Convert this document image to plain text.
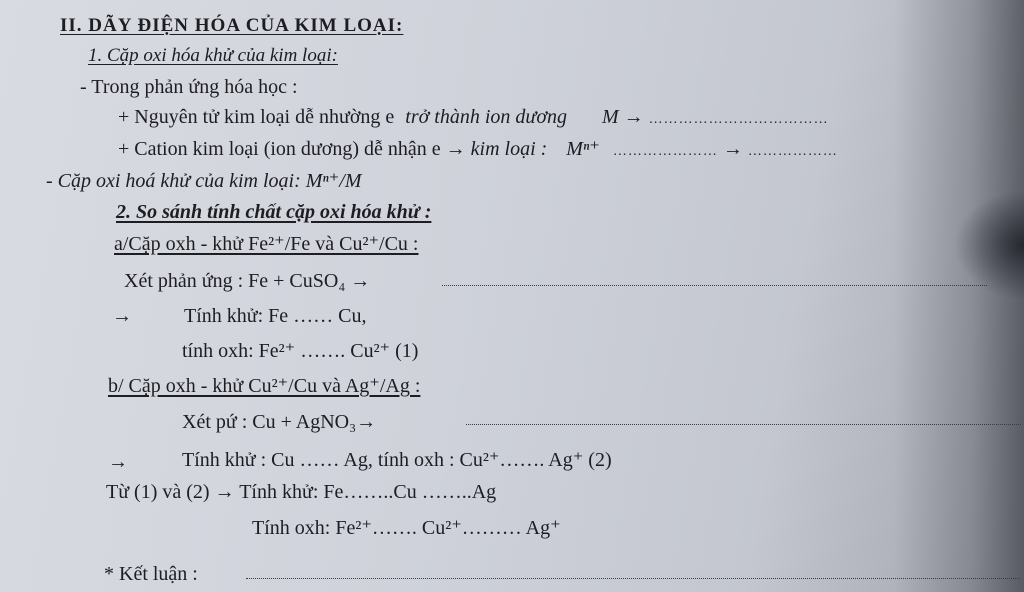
II. DÃY ĐIỆN HÓA CỦA KIM LOẠI:
1. Cặp oxi hóa khử của kim loại:
- Trong phản ứng hóa học :
+ Nguyên tử kim loại dễ nhường e trở thành ion dương M → ………………………………
+ Cation kim loại (ion dương) dễ nhận e → kim loại : Mⁿ⁺ ………………… → ………………
- Cặp oxi hoá khử của kim loại: Mⁿ⁺/M
2. So sánh tính chất cặp oxi hóa khử :
a/Cặp oxh - khử Fe²⁺/Fe và Cu²⁺/Cu :
Xét phản ứng : Fe + CuSO₄ →
→	Tính khử: Fe …… Cu,
tính oxh: Fe²⁺ ……. Cu²⁺ (1)
b/ Cặp oxh - khử Cu²⁺/Cu và Ag⁺/Ag :
Xét pứ : Cu + AgNO₃→
→	Tính khử : Cu …… Ag, tính oxh : Cu²⁺……. Ag⁺ (2)
Từ (1) và (2) → Tính khử: Fe……..Cu ……..Ag
Tính oxh: Fe²⁺……. Cu²⁺……… Ag⁺
* Kết luận :
